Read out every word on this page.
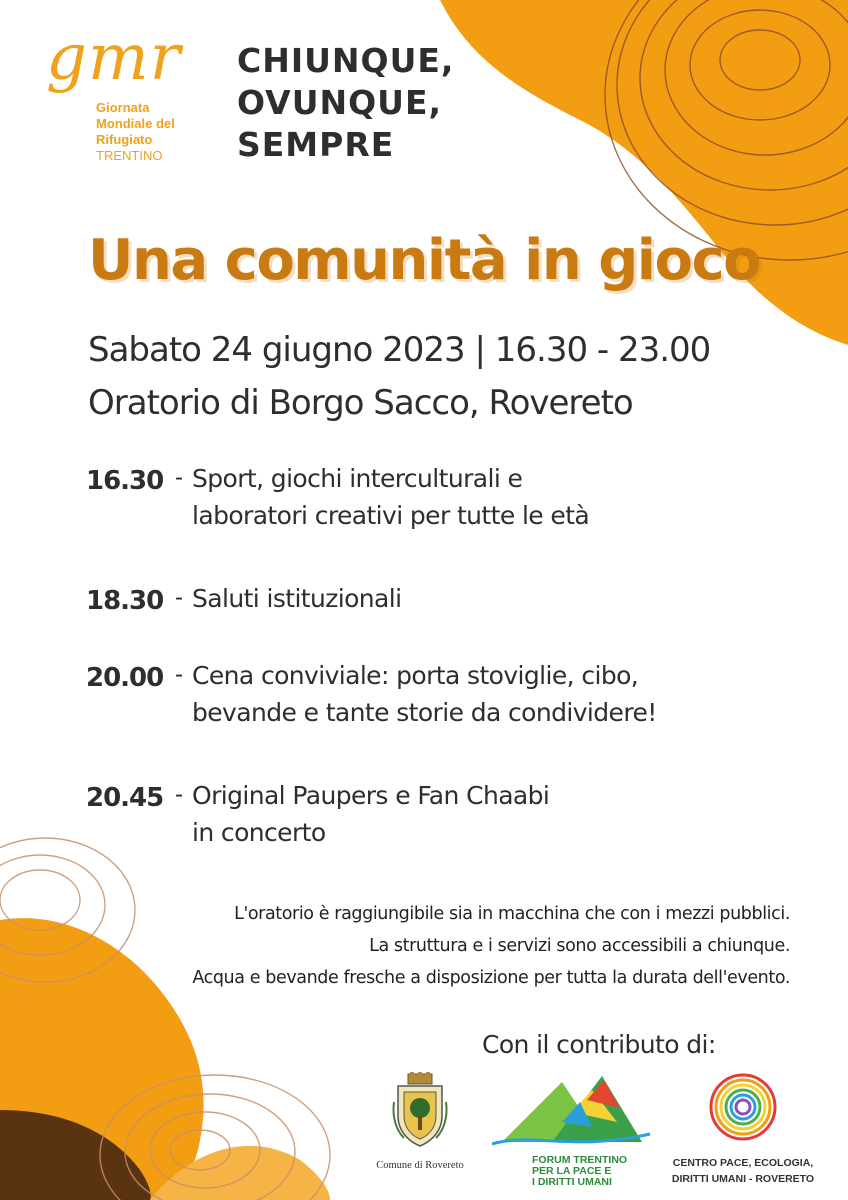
gmr
Giornata
Mondiale del
Rifugiato
TRENTINO
CHIUNQUE,
OVUNQUE,
SEMPRE
Una comunità in gioco
Sabato 24 giugno 2023 | 16.30 - 23.00
Oratorio di Borgo Sacco, Rovereto
16.30 - Sport, giochi interculturali e
laboratori creativi per tutte le età
18.30 - Saluti istituzionali
20.00 - Cena conviviale: porta stoviglie, cibo,
bevande e tante storie da condividere!
20.45 - Original Paupers e Fan Chaabi
in concerto
L'oratorio è raggiungibile sia in macchina che con i mezzi pubblici.
La struttura e i servizi sono accessibili a chiunque.
Acqua e bevande fresche a disposizione per tutta la durata dell'evento.
Con il contributo di:
Comune di Rovereto	FORUM TRENTINO
PER LA PACE E
I DIRITTI UMANI
CENTRO PACE, ECOLOGIA,
DIRITTI UMANI - ROVERETO
